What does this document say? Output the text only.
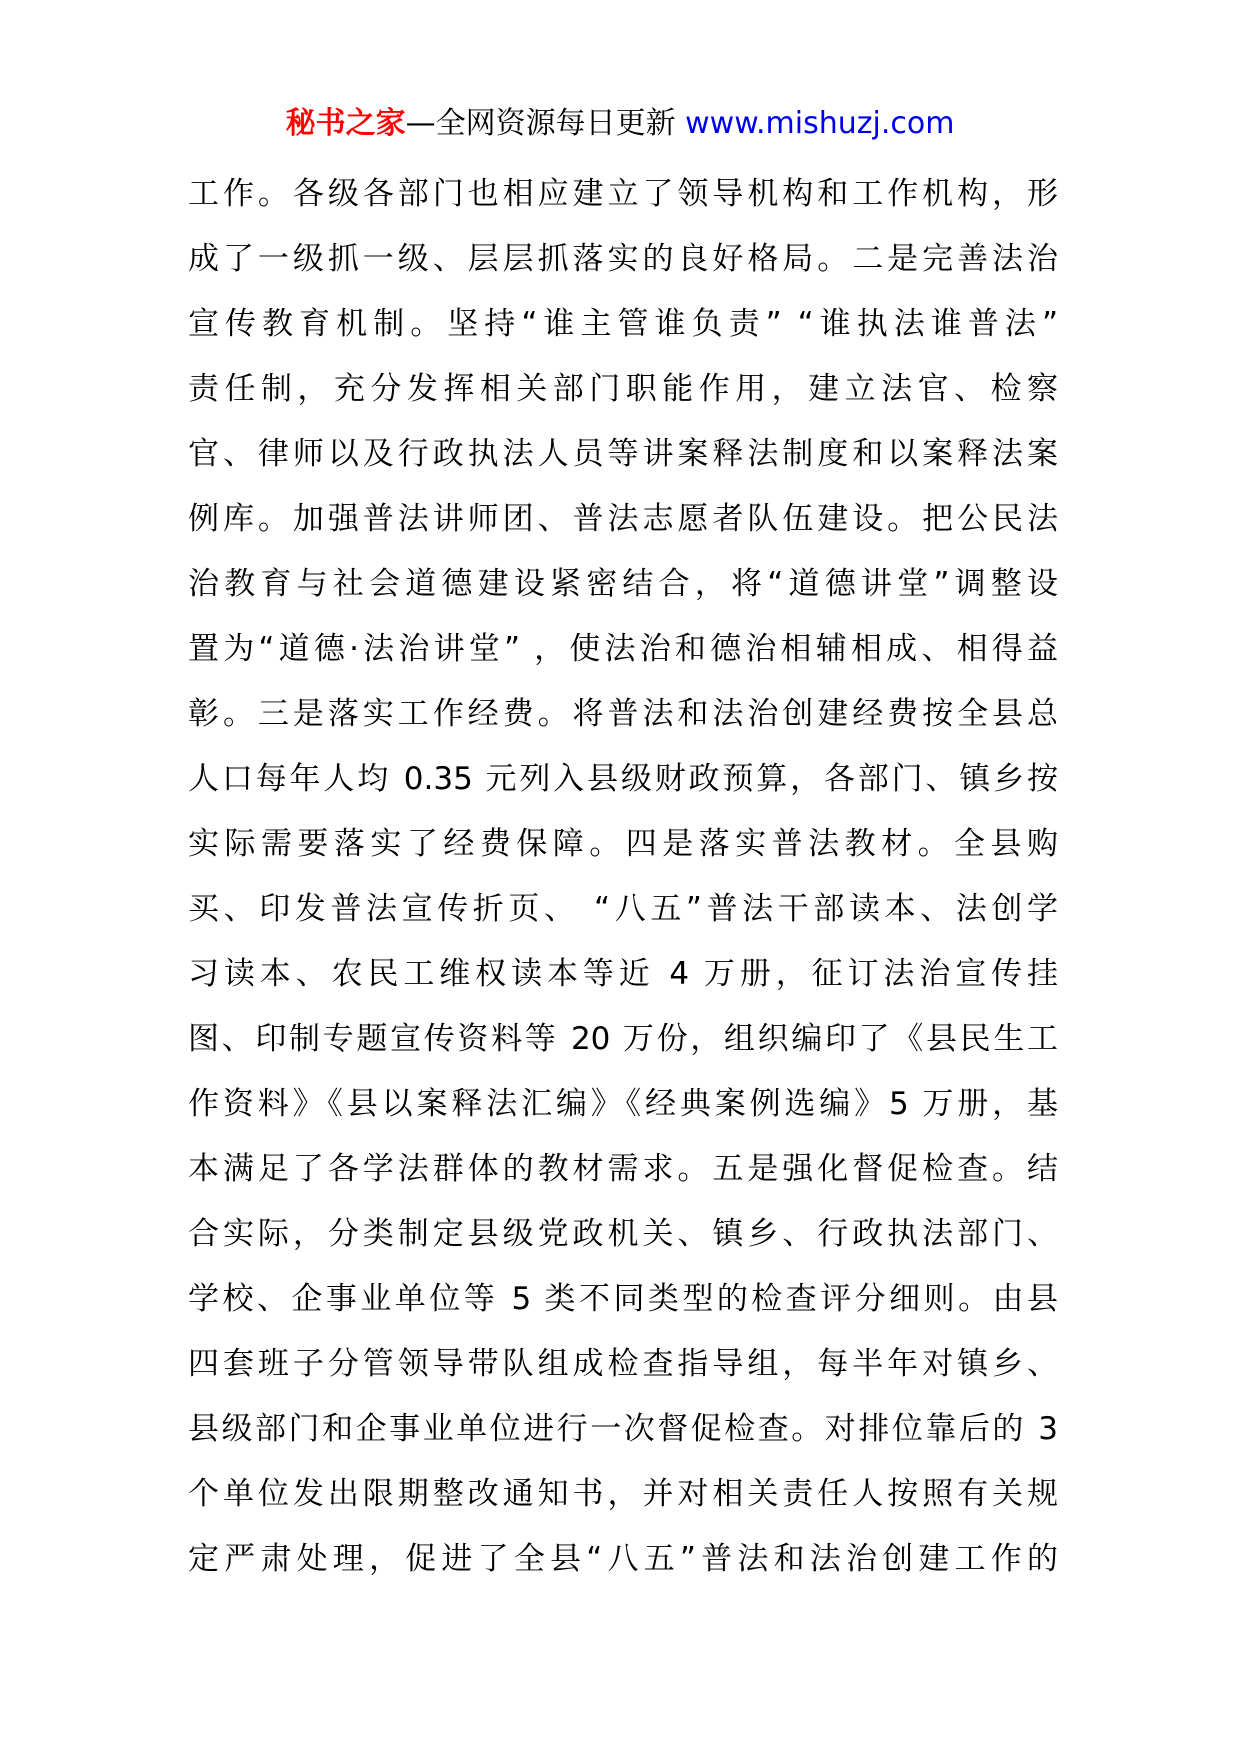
秘书之家—全网资源每日更新 www.mishuzj.com
工作。各级各部门也相应建立了领导机构和工作机构，形
成了一级抓一级、层层抓落实的良好格局。二是完善法治
宣传教育机制。坚持“谁主管谁负责” “谁执法谁普法”
责任制，充分发挥相关部门职能作用，建立法官、检察
官、律师以及行政执法人员等讲案释法制度和以案释法案
例库。加强普法讲师团、普法志愿者队伍建设。把公民法
治教育与社会道德建设紧密结合，将“道德讲堂”调整设
置为“道德·法治讲堂” ，使法治和德治相辅相成、相得益
彰。三是落实工作经费。将普法和法治创建经费按全县总
人口每年人均 0.35 元列入县级财政预算，各部门、镇乡按
实际需要落实了经费保障。四是落实普法教材。全县购
买、印发普法宣传折页、 “八五”普法干部读本、法创学
习读本、农民工维权读本等近 4 万册，征订法治宣传挂
图、印制专题宣传资料等 20 万份，组织编印了《县民生工
作资料》《县以案释法汇编》《经典案例选编》5 万册，基
本满足了各学法群体的教材需求。五是强化督促检查。结
合实际，分类制定县级党政机关、镇乡、行政执法部门、
学校、企事业单位等 5 类不同类型的检查评分细则。由县
四套班子分管领导带队组成检查指导组，每半年对镇乡、
县级部门和企事业单位进行一次督促检查。对排位靠后的 3
个单位发出限期整改通知书，并对相关责任人按照有关规
定严肃处理，促进了全县“八五”普法和法治创建工作的
